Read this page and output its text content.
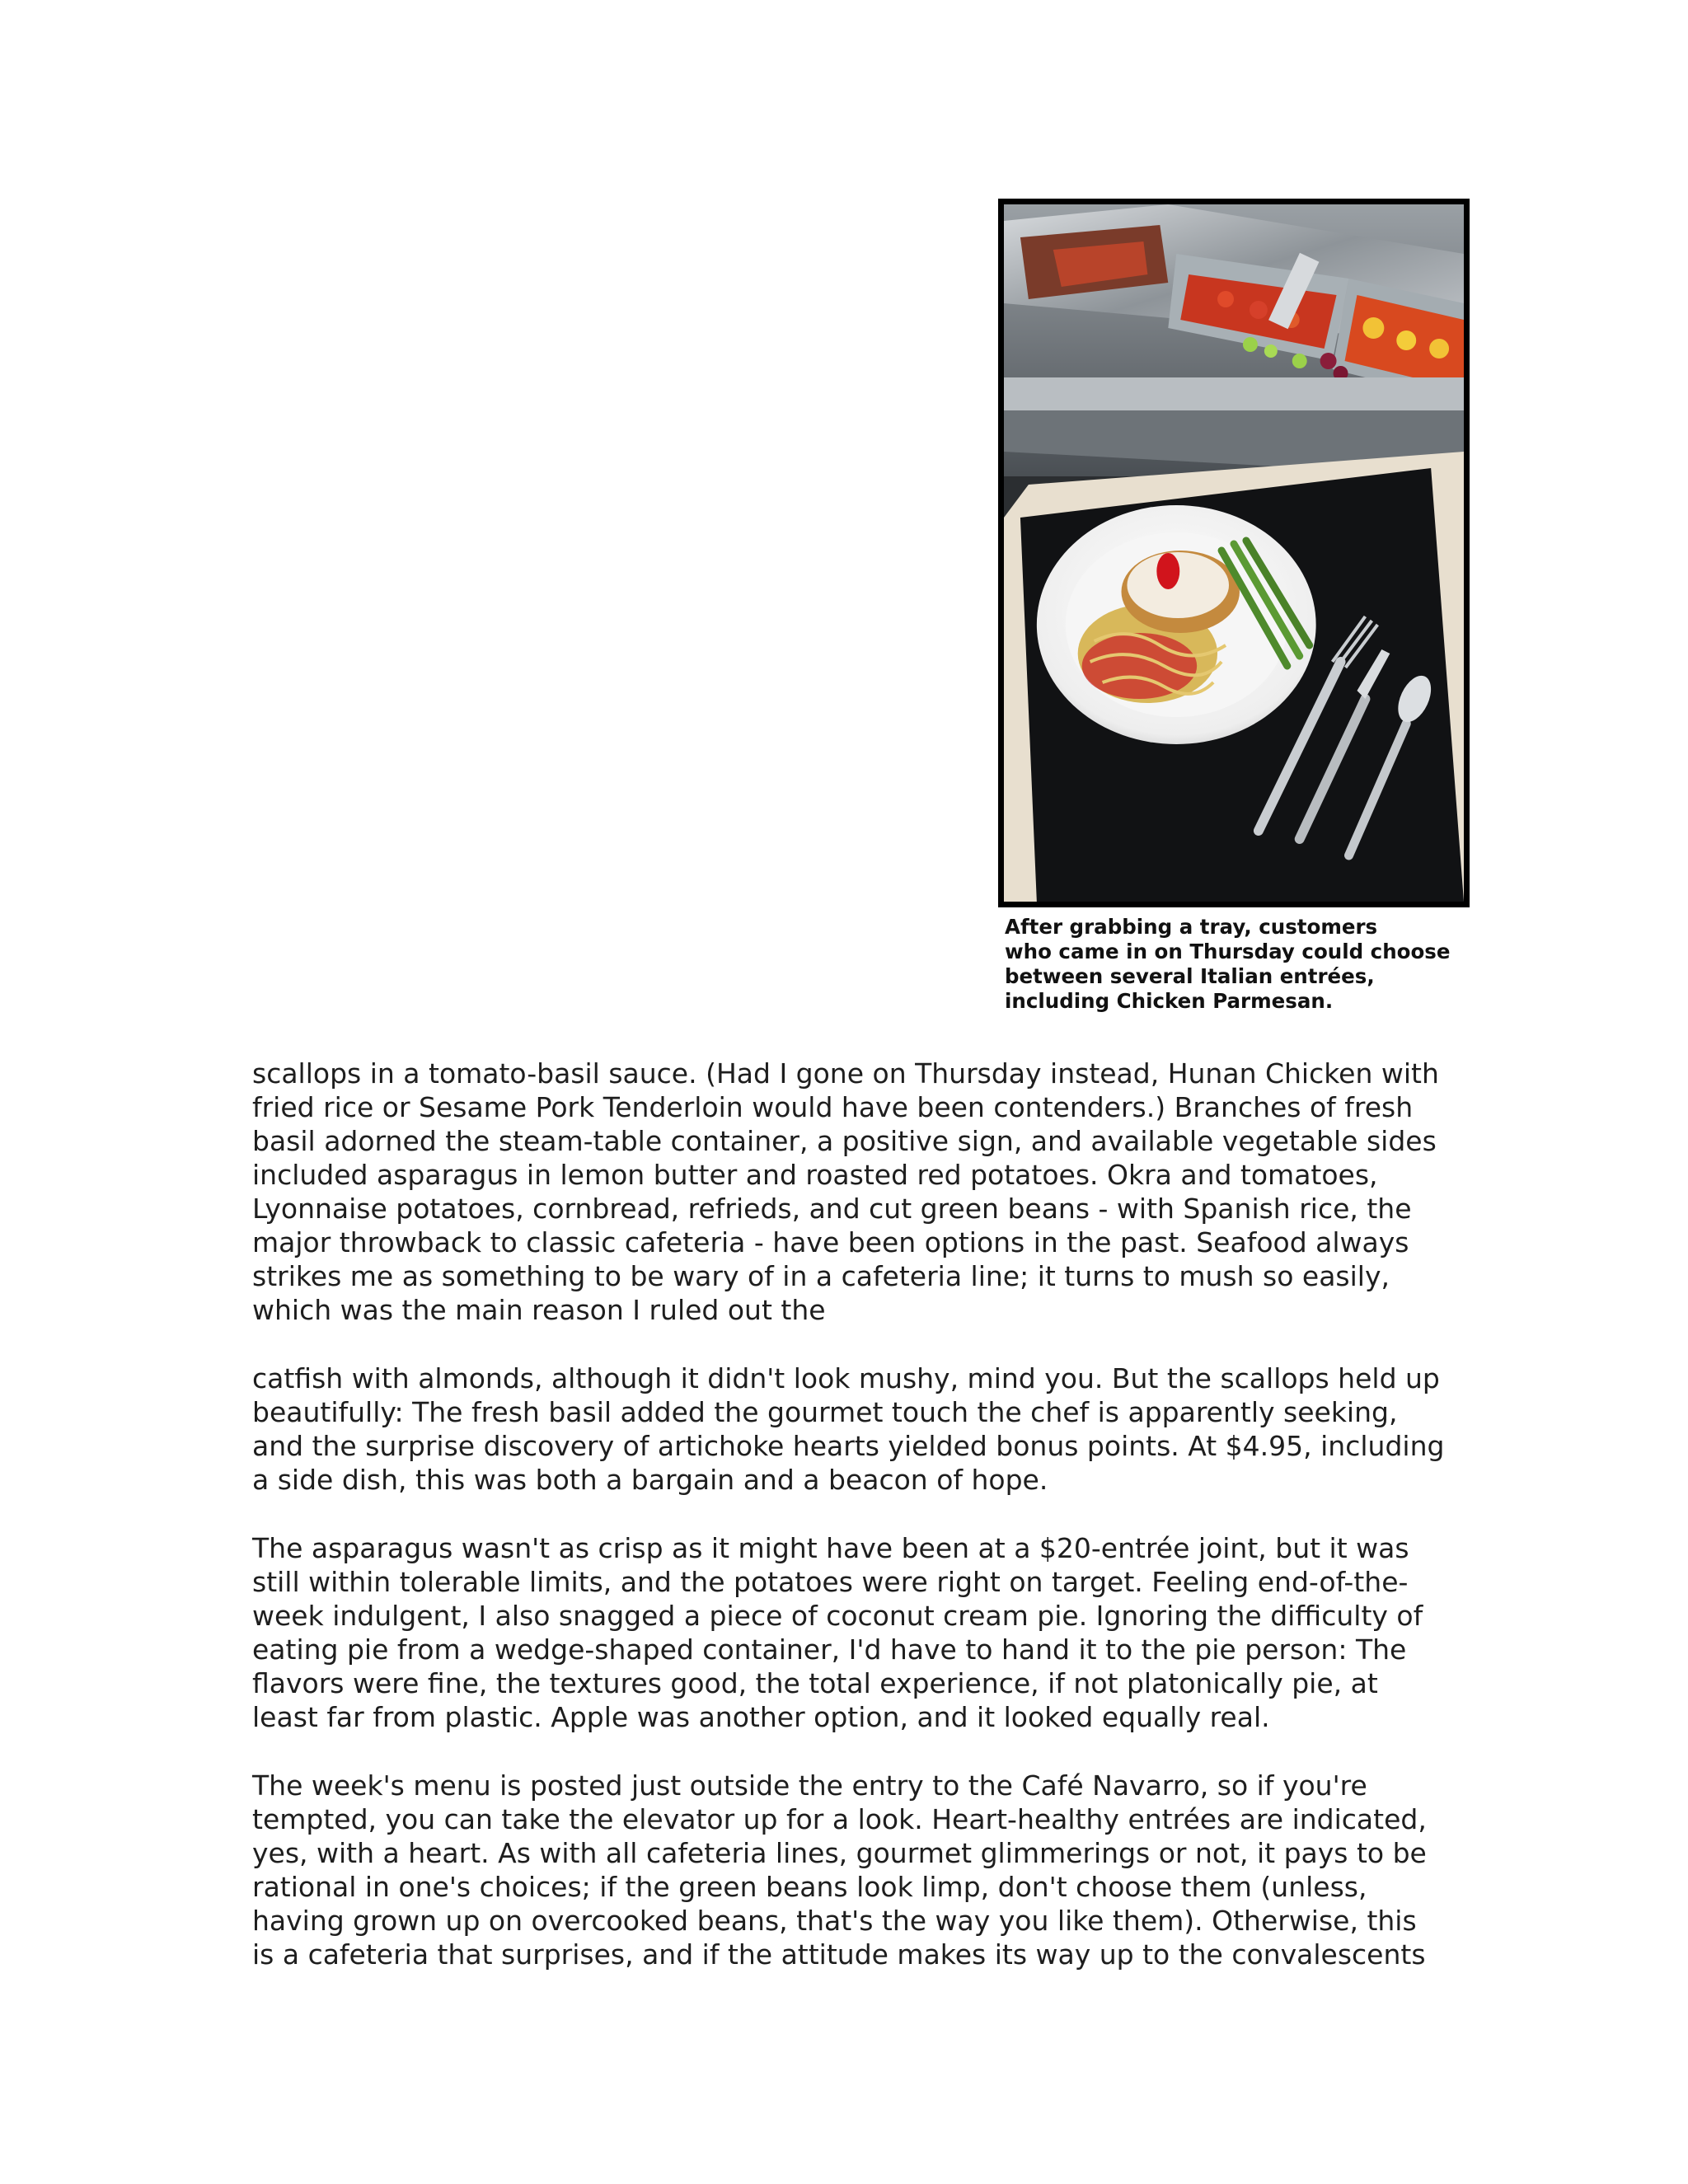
After grabbing a tray, customers
who came in on Thursday could choose
between several Italian entrées,
including Chicken Parmesan.

scallops in a tomato-basil sauce. (Had I gone on Thursday instead, Hunan Chicken with
fried rice or Sesame Pork Tenderloin would have been contenders.) Branches of fresh
basil adorned the steam-table container, a positive sign, and available vegetable sides
included asparagus in lemon butter and roasted red potatoes. Okra and tomatoes,
Lyonnaise potatoes, cornbread, refrieds, and cut green beans - with Spanish rice, the
major throwback to classic cafeteria - have been options in the past. Seafood always
strikes me as something to be wary of in a cafeteria line; it turns to mush so easily,
which was the main reason I ruled out the

catfish with almonds, although it didn't look mushy, mind you. But the scallops held up
beautifully: The fresh basil added the gourmet touch the chef is apparently seeking,
and the surprise discovery of artichoke hearts yielded bonus points. At $4.95, including
a side dish, this was both a bargain and a beacon of hope.

The asparagus wasn't as crisp as it might have been at a $20-entrée joint, but it was
still within tolerable limits, and the potatoes were right on target. Feeling end-of-the-
week indulgent, I also snagged a piece of coconut cream pie. Ignoring the difficulty of
eating pie from a wedge-shaped container, I'd have to hand it to the pie person: The
flavors were fine, the textures good, the total experience, if not platonically pie, at
least far from plastic. Apple was another option, and it looked equally real.

The week's menu is posted just outside the entry to the Café Navarro, so if you're
tempted, you can take the elevator up for a look. Heart-healthy entrées are indicated,
yes, with a heart. As with all cafeteria lines, gourmet glimmerings or not, it pays to be
rational in one's choices; if the green beans look limp, don't choose them (unless,
having grown up on overcooked beans, that's the way you like them). Otherwise, this
is a cafeteria that surprises, and if the attitude makes its way up to the convalescents
